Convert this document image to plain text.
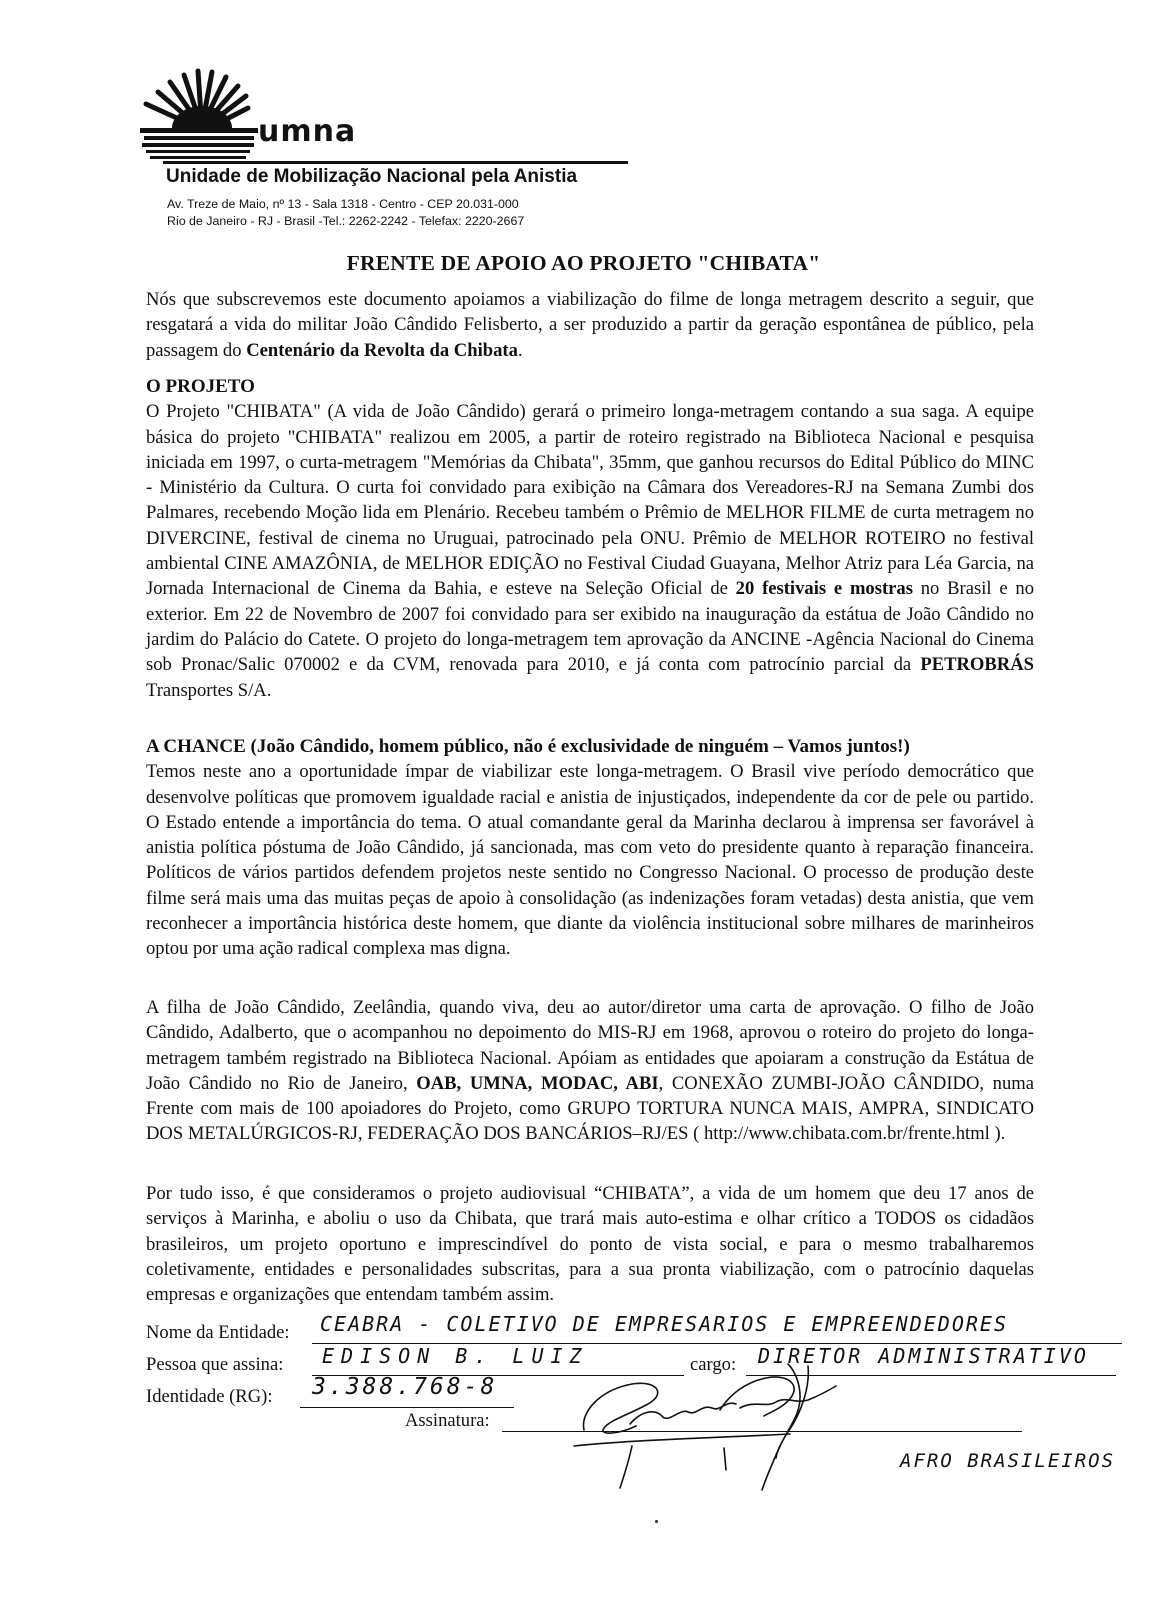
umna
Unidade de Mobilização Nacional pela Anistia
Av. Treze de Maio, nº 13 - Sala 1318 - Centro - CEP 20.031-000
Rio de Janeiro - RJ - Brasil -Tel.: 2262-2242 - Telefax: 2220-2667
FRENTE DE APOIO AO PROJETO "CHIBATA"

Nós que subscrevemos este documento apoiamos a viabilização do filme de longa metragem descrito a seguir, que resgatará a vida do militar João Cândido Felisberto, a ser produzido a partir da geração espontânea de público, pela passagem do Centenário da Revolta da Chibata.

O PROJETO

O Projeto "CHIBATA" (A vida de João Cândido) gerará o primeiro longa-metragem contando a sua saga. A equipe básica do projeto "CHIBATA" realizou em 2005, a partir de roteiro registrado na Biblioteca Nacional e pesquisa iniciada em 1997, o curta-metragem "Memórias da Chibata", 35mm, que ganhou recursos do Edital Público do MINC - Ministério da Cultura. O curta foi convidado para exibição na Câmara dos Vereadores-RJ na Semana Zumbi dos Palmares, recebendo Moção lida em Plenário. Recebeu também o Prêmio de MELHOR FILME de curta metragem no DIVERCINE, festival de cinema no Uruguai, patrocinado pela ONU. Prêmio de MELHOR ROTEIRO no festival ambiental CINE AMAZÔNIA, de MELHOR EDIÇÃO no Festival Ciudad Guayana, Melhor Atriz para Léa Garcia, na Jornada Internacional de Cinema da Bahia, e esteve na Seleção Oficial de 20 festivais e mostras no Brasil e no exterior. Em 22 de Novembro de 2007 foi convidado para ser exibido na inauguração da estátua de João Cândido no jardim do Palácio do Catete. O projeto do longa-metragem tem aprovação da ANCINE -Agência Nacional do Cinema sob Pronac/Salic 070002 e da CVM, renovada para 2010, e já conta com patrocínio parcial da PETROBRÁS Transportes S/A.

A CHANCE (João Cândido, homem público, não é exclusividade de ninguém – Vamos juntos!)

Temos neste ano a oportunidade ímpar de viabilizar este longa-metragem. O Brasil vive período democrático que desenvolve políticas que promovem igualdade racial e anistia de injustiçados, independente da cor de pele ou partido. O Estado entende a importância do tema. O atual comandante geral da Marinha declarou à imprensa ser favorável à anistia política póstuma de João Cândido, já sancionada, mas com veto do presidente quanto à reparação financeira. Políticos de vários partidos defendem projetos neste sentido no Congresso Nacional. O processo de produção deste filme será mais uma das muitas peças de apoio à consolidação (as indenizações foram vetadas) desta anistia, que vem reconhecer a importância histórica deste homem, que diante da violência institucional sobre milhares de marinheiros optou por uma ação radical complexa mas digna.

A filha de João Cândido, Zeelândia, quando viva, deu ao autor/diretor uma carta de aprovação. O filho de João Cândido, Adalberto, que o acompanhou no depoimento do MIS-RJ em 1968, aprovou o roteiro do projeto do longa-metragem também registrado na Biblioteca Nacional. Apóiam as entidades que apoiaram a construção da Estátua de João Cândido no Rio de Janeiro, OAB, UMNA, MODAC, ABI, CONEXÃO ZUMBI-JOÃO CÂNDIDO, numa Frente com mais de 100 apoiadores do Projeto, como GRUPO TORTURA NUNCA MAIS, AMPRA, SINDICATO DOS METALÚRGICOS-RJ, FEDERAÇÃO DOS BANCÁRIOS–RJ/ES ( http://www.chibata.com.br/frente.html ).

Por tudo isso, é que consideramos o projeto audiovisual “CHIBATA”, a vida de um homem que deu 17 anos de serviços à Marinha, e aboliu o uso da Chibata, que trará mais auto-estima e olhar crítico a TODOS os cidadãos brasileiros, um projeto oportuno e imprescindível do ponto de vista social, e para o mesmo trabalharemos coletivamente, entidades e personalidades subscritas, para a sua pronta viabilização, com o patrocínio daquelas empresas e organizações que entendam também assim.

Nome da Entidade: CEABRA - COLETIVO DE EMPRESARIOS E EMPREENDEDORES
Pessoa que assina: EDISON B. LUIZ	cargo: DIRETOR ADMINISTRATIVO
Identidade (RG): 3.388.768-8
Assinatura:
AFRO BRASILEIROS
